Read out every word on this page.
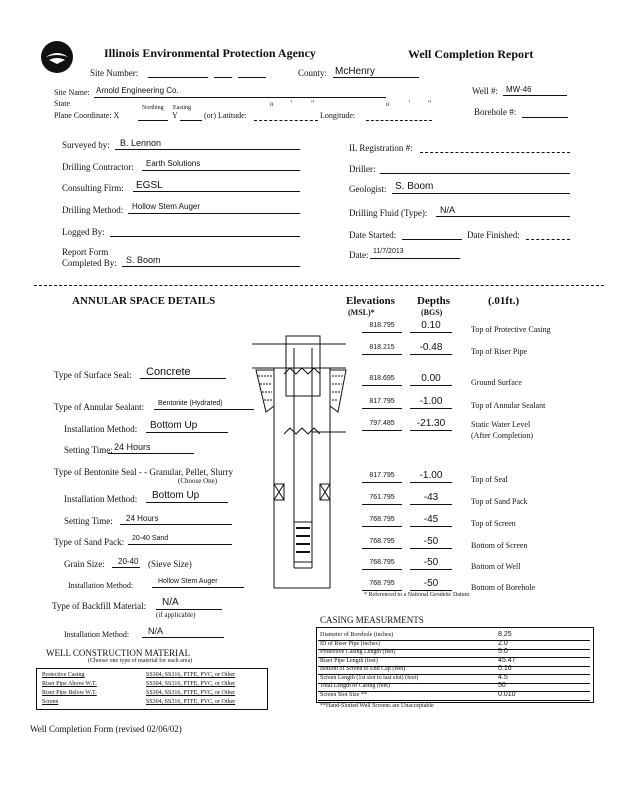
Illinois Environmental Protection Agency	Well Completion Report
Site Number:	County: McHenry
Site Name: Arnold Engineering Co.	Well #: MW-46
State	Northing Easting	o ' "	o ' "
Plane Coordinate: X	Y	(or) Latitude:	Longitude:	Borehole #:
Surveyed by: B. Lennon	IL Registration #:
Drilling Contractor: Earth Solutions
Driller:
Consulting Firm: EGSL	Geologist: S. Boom
Drilling Method: Hollow Stem Auger
Drilling Fluid (Type): N/A
Logged By:	Date Started:	Date Finished:
Report Form
Completed By: S. Boom	Date: 11/7/2013
ANNULAR SPACE DETAILS	Elevations
(MSL)*
Depths
(BGS)
(.01ft.)
Type of Surface Seal: Concrete
Type of Annular Sealant: Bentonite (Hydrated)
Installation Method: Bottom Up
Setting Time: 24 Hours
Type of Bentonite Seal - - Granular, Pellet, Slurry
(Choose One)
Installation Method: Bottom Up
Setting Time: 24 Hours
Type of Sand Pack: 20-40 Sand
Grain Size: 20-40 (Sieve Size)
Installation Method:	Hollow Stem Auger
Type of Backfill Material: N/A
(if applicable)
Installation Method: N/A
818.795	0.10	Top of Protective Casing
818.215	-0.48	Top of Riser Pipe
818.695	0.00	Ground Surface
817.795	-1.00	Top of Annular Sealant
797.485	-21.30	Static Water Level
(After Completion)
817.795	-1.00	Top of Seal
761.795	-43	Top of Sand Pack
768.795	-45	Top of Screen
768.795	-50	Bottom of Screen
768.795	-50	Bottom of Well
768.795	-50	Bottom of Borehole
* Referenced to a National Geodetic Datum
WELL CONSTRUCTION MATERIAL
(Choose one type of material for each area)
Protective Casing	SS304, SS316, PTFE, PVC, or Other
Riser Pipe Above W.T.	SS304, SS316, PTFE, PVC, or Other
Riser Pipe Below W.T.	SS304, SS316, PTFE, PVC, or Other
Screen	SS304, SS316, PTFE, PVC, or Other
CASING MEASURMENTS
Diameter of Borehole (inches)	8.25
ID of Riser Pipe (inches)	2.0
Protective Casing Length (feet)	5.0
Riser Pipe Length (feet)	45.47
Bottom of Screen to End Cap (feet)	0.16
Screen Length (1st slot to last slot) (feet)	4.5
Total Length of Casing (feet)	50
Screen Slot Size **	0.010
**Hand-Slotted Well Screens are Unacceptable
Well Completion Form (revised 02/06/02)
